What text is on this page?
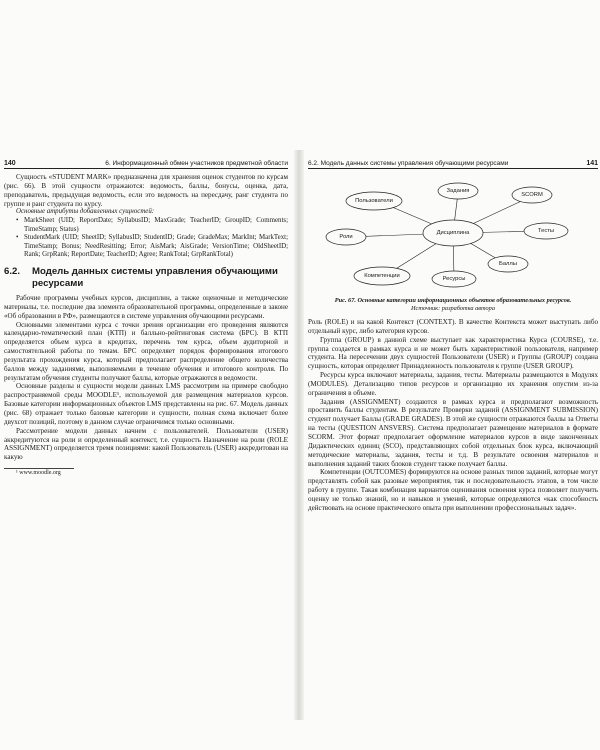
140	6. Информационный обмен участников предметной области

Сущность «STUDENT MARK» предназначена для хранения оценок студентов по курсам (рис. 66). В этой сущности отражаются: ведомость, баллы, бонусы, оценка, дата, преподаватель, предыдущая ведомость, если это ведомость на пересдачу, ранг студента по группе и ранг студента по курсу.

Основные атрибуты добавленных сущностей:

• MarkSheet (UID; ReportDate; SyllabusID; MaxGrade; TeacherID; GroupID; Comments; TimeStamp; Status)
• StudentMark (UID; SheetID; SyllabusID; StudentID; Grade; GradeMax; MarkInt; MarkText; TimeStamp; Bonus; NeedResitting; Error; AisMark; AisGrade; VersionTime; OldSheetID; Rank; GrpRank; ReportDate; TeacherID; Agree; RankTotal; GrpRankTotal)
6.2.	Модель данных системы управления обучающими ресурсами

Рабочие программы учебных курсов, дисциплин, а также оценочные и методические материалы, т.е. последние два элемента образовательной программы, определенные в законе «Об образовании в РФ», размещаются в системе управления обучающими ресурсами.

Основными элементами курса с точки зрения организации его проведения являются календарно-тематический план (КТП) и балльно-рейтинговая система (БРС). В КТП определяется объем курса в кредитах, перечень тем курса, объем аудиторной и самостоятельной работы по темам. БРС определяет порядок формирования итогового результата прохождения курса, который предполагает распределение общего количества баллов между заданиями, выполняемыми в течение обучения и итогового контроля. По результатам обучения студенты получают баллы, которые отражаются в ведомости.

Основные разделы и сущности модели данных LMS рассмотрим на примере свободно распространяемой среды MOODLE¹, используемой для размещения материалов курсов. Базовые категории информационных объектов LMS представлены на рис. 67. Модель данных (рис. 68) отражает только базовые категории и сущности, полная схема включает более двухсот позиций, поэтому в данном случае ограничимся только основными.

Рассмотрение модели данных начнем с пользователей. Пользователи (USER) аккредитуются на роли и определенный контекст, т.е. сущность Назначение на роли (ROLE ASSIGNMENT) определяется тремя позициями: какой Пользователь (USER) аккредитован на какую

¹ www.moodle.org

6.2. Модель данных системы управления обучающими ресурсами	141
Дисциплина
Задания
SCORM
Пользователи
Тесты
Роли
Баллы
Компетенции	Ресурсы

Рис. 67. Основные категории информационных объектов образовательных ресурсов.

Источник: разработка автора

Роль (ROLE) и на какой Контекст (CONTEXT). В качестве Контекста может выступать либо отдельный курс, либо категория курсов.

Группа (GROUP) в данной схеме выступает как характеристика Курса (COURSE), т.е. группа создается в рамках курса и не может быть характеристикой пользователя, например студента. На пересечении двух сущностей Пользователи (USER) и Группы (GROUP) создана сущность, которая определяет Принадлежность пользователя к группе (USER GROUP).

Ресурсы курса включают материалы, задания, тесты. Материалы размещаются в Модулях (MODULES). Детализацию типов ресурсов и организацию их хранения опустим из-за ограничения в объеме.

Задания (ASSIGNMENT) создаются в рамках курса и предполагают возможность проставить баллы студентам. В результате Проверки заданий (ASSIGNMENT SUBMISSION) студент получает Баллы (GRADE GRADES). В этой же сущности отражаются баллы за Ответы на тесты (QUESTION ANSVERS). Система предполагает размещение материалов в формате SCORM. Этот формат предполагает оформление материалов курсов в виде законченных Дидактических единиц (SCO), представляющих собой отдельных блок курса, включающий методические материалы, задания, тесты и т.д. В результате освоения материалов и выполнения заданий таких блоков студент также получает баллы.

Компетенции (OUTCOMES) формируются на основе разных типов заданий, которые могут представлять собой как разовые мероприятия, так и последовательность этапов, в том числе работу в группе. Такая комбинация вариантов оценивания освоения курса позволяет получить оценку не только знаний, но и навыков и умений, которые определяются «как способность действовать на основе практического опыта при выполнении профессиональных задач».
